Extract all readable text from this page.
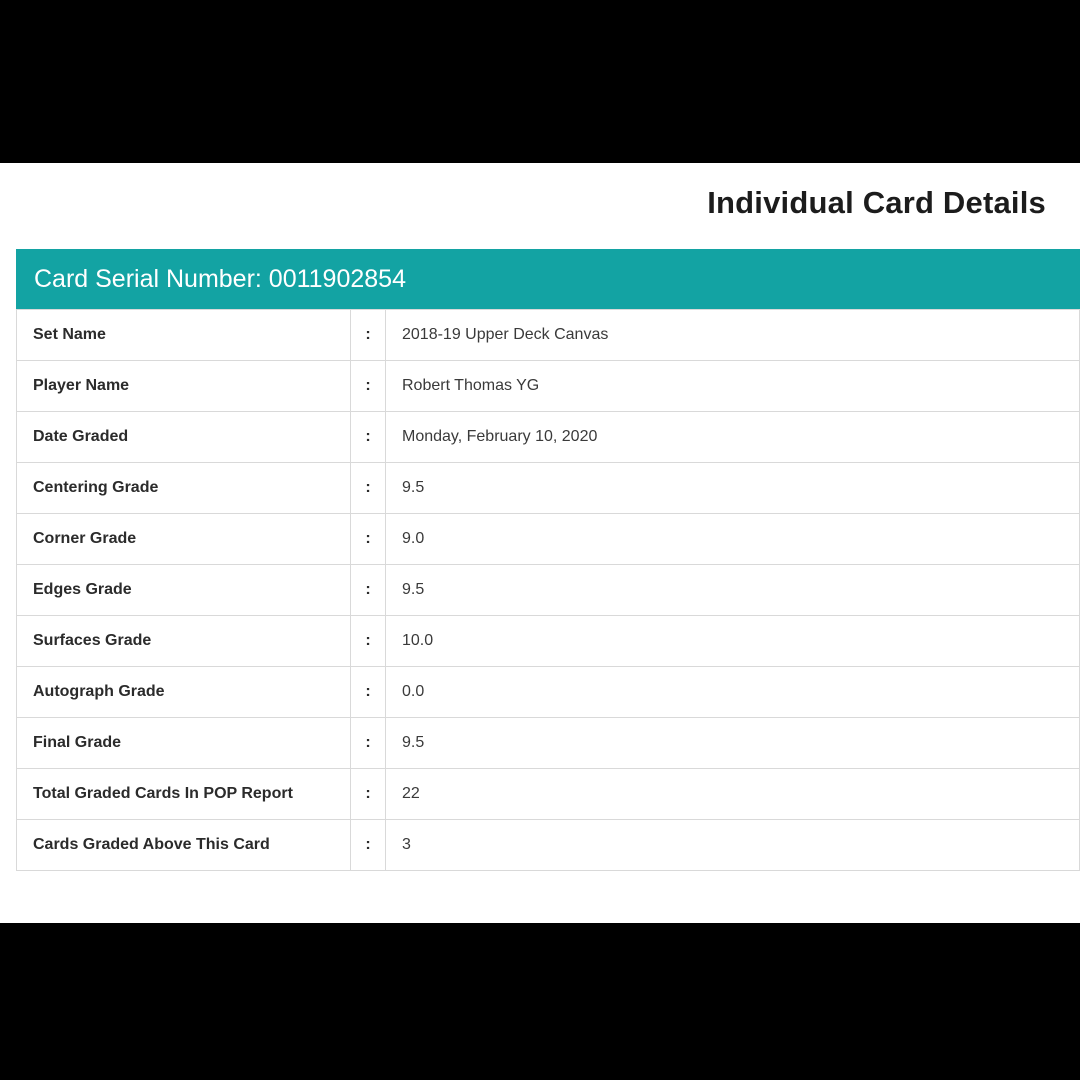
Individual Card Details
Card Serial Number: 0011902854
Set Name	:	2018-19 Upper Deck Canvas
Player Name	:	Robert Thomas YG
Date Graded	:	Monday, February 10, 2020
Centering Grade	:	9.5
Corner Grade	:	9.0
Edges Grade	:	9.5
Surfaces Grade	:	10.0
Autograph Grade	:	0.0
Final Grade	:	9.5
Total Graded Cards In POP Report	:	22
Cards Graded Above This Card	:	3
